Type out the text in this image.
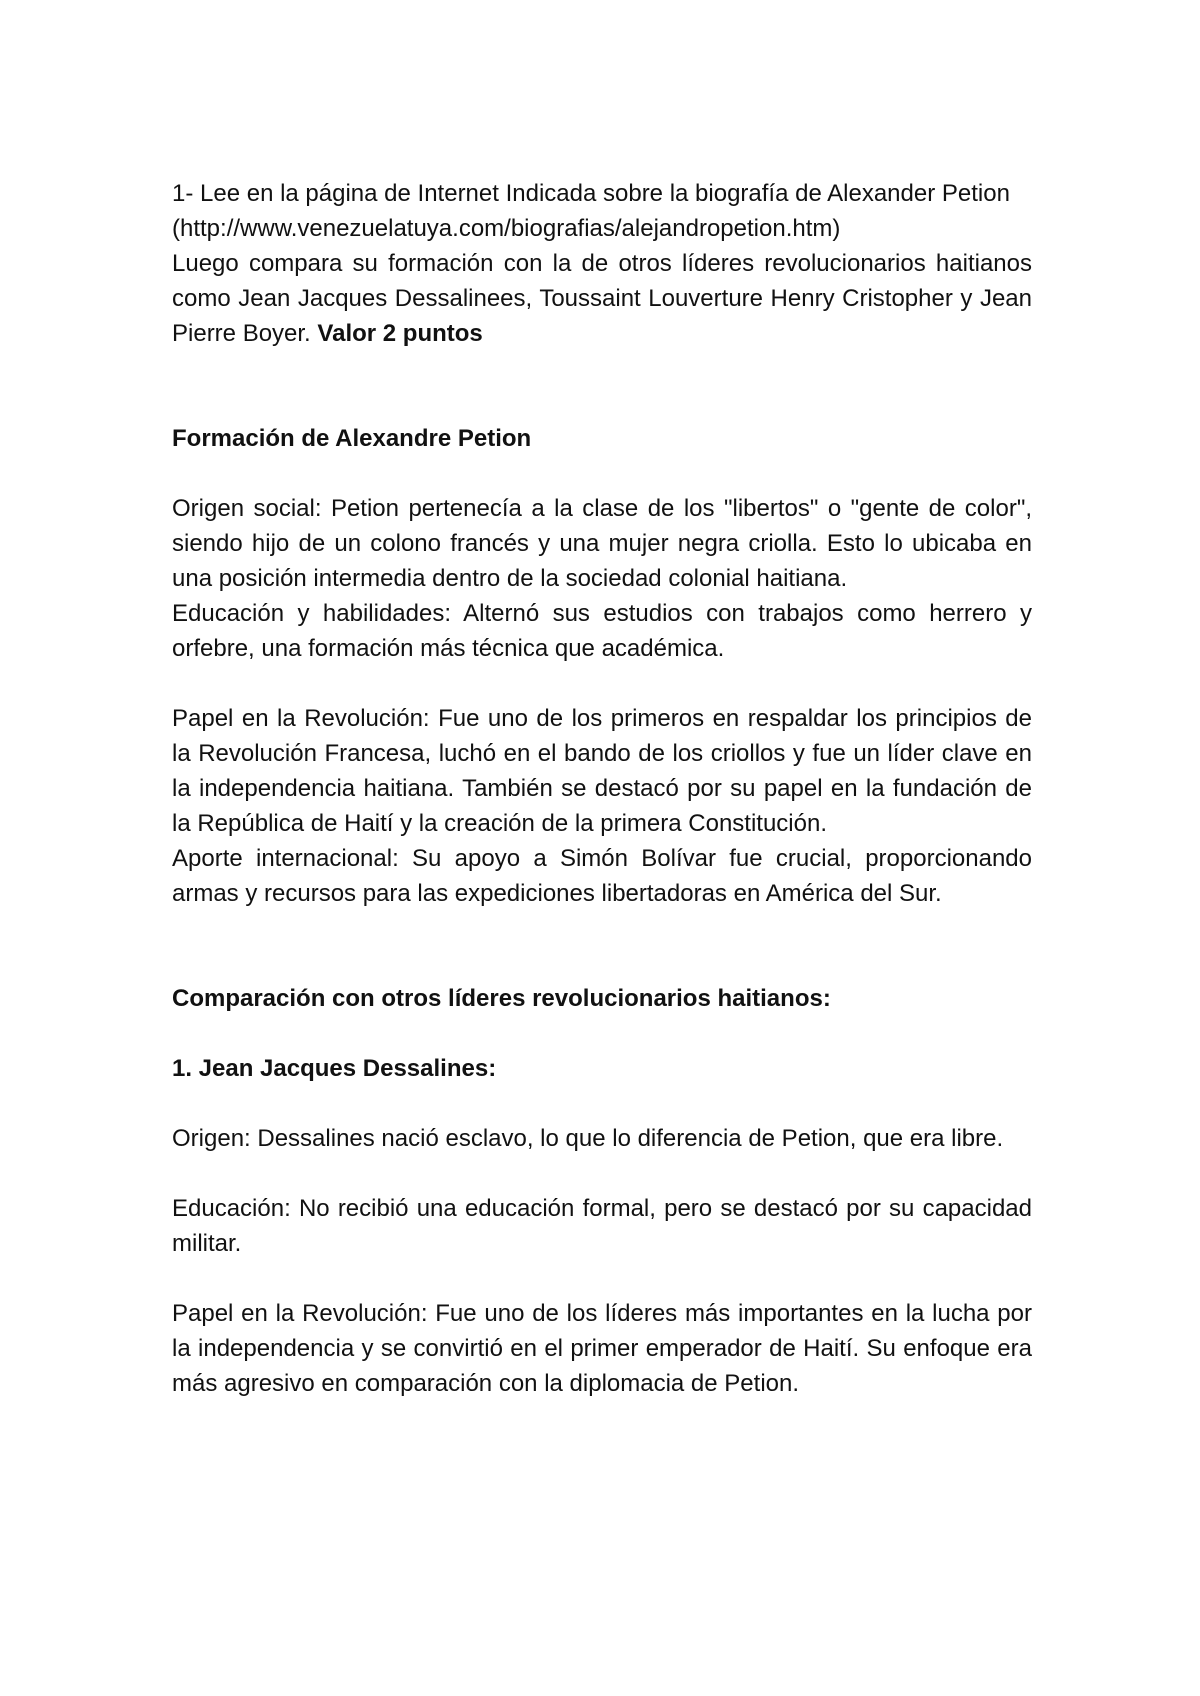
1- Lee en la página de Internet Indicada sobre la biografía de Alexander Petion

(http://www.venezuelatuya.com/biografias/alejandropetion.htm)

Luego compara su formación con la de otros líderes revolucionarios haitianos como Jean Jacques Dessalinees, Toussaint Louverture Henry Cristopher y Jean Pierre Boyer. Valor 2 puntos

Formación de Alexandre Petion

Origen social: Petion pertenecía a la clase de los "libertos" o "gente de color", siendo hijo de un colono francés y una mujer negra criolla. Esto lo ubicaba en una posición intermedia dentro de la sociedad colonial haitiana.

Educación y habilidades: Alternó sus estudios con trabajos como herrero y orfebre, una formación más técnica que académica.

Papel en la Revolución: Fue uno de los primeros en respaldar los principios de la Revolución Francesa, luchó en el bando de los criollos y fue un líder clave en la independencia haitiana. También se destacó por su papel en la fundación de la República de Haití y la creación de la primera Constitución.

Aporte internacional: Su apoyo a Simón Bolívar fue crucial, proporcionando armas y recursos para las expediciones libertadoras en América del Sur.

Comparación con otros líderes revolucionarios haitianos:

1. Jean Jacques Dessalines:

Origen: Dessalines nació esclavo, lo que lo diferencia de Petion, que era libre.

Educación: No recibió una educación formal, pero se destacó por su capacidad militar.

Papel en la Revolución: Fue uno de los líderes más importantes en la lucha por la independencia y se convirtió en el primer emperador de Haití. Su enfoque era más agresivo en comparación con la diplomacia de Petion.
